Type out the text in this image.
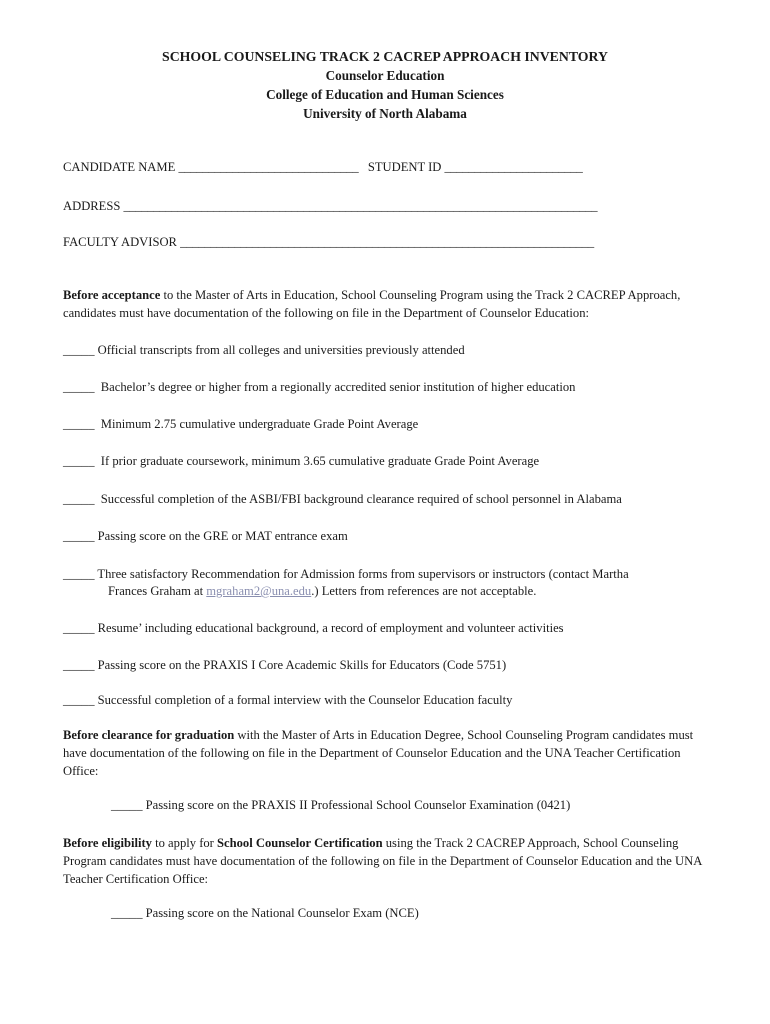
SCHOOL COUNSELING TRACK 2 CACREP APPROACH INVENTORY
Counselor Education
College of Education and Human Sciences
University of North Alabama
CANDIDATE NAME ______________________________ STUDENT ID _______________________
ADDRESS _______________________________________________________________________________
FACULTY ADVISOR _____________________________________________________________________
Before acceptance to the Master of Arts in Education, School Counseling Program using the Track 2 CACREP Approach, candidates must have documentation of the following on file in the Department of Counselor Education:
_____ Official transcripts from all colleges and universities previously attended
_____  Bachelor’s degree or higher from a regionally accredited senior institution of higher education
_____  Minimum 2.75 cumulative undergraduate Grade Point Average
_____  If prior graduate coursework, minimum 3.65 cumulative graduate Grade Point Average
_____  Successful completion of the ASBI/FBI background clearance required of school personnel in Alabama
_____ Passing score on the GRE or MAT entrance exam
_____ Three satisfactory Recommendation for Admission forms from supervisors or instructors (contact Martha
Frances Graham at mgraham2@una.edu.) Letters from references are not acceptable.
_____ Resume’ including educational background, a record of employment and volunteer activities
_____ Passing score on the PRAXIS I Core Academic Skills for Educators (Code 5751)
_____ Successful completion of a formal interview with the Counselor Education faculty
Before clearance for graduation with the Master of Arts in Education Degree, School Counseling Program candidates must have documentation of the following on file in the Department of Counselor Education and the UNA Teacher Certification Office:
_____ Passing score on the PRAXIS II Professional School Counselor Examination (0421)
Before eligibility to apply for School Counselor Certification using the Track 2 CACREP Approach, School Counseling Program candidates must have documentation of the following on file in the Department of Counselor Education and the UNA Teacher Certification Office:
_____ Passing score on the National Counselor Exam (NCE)
